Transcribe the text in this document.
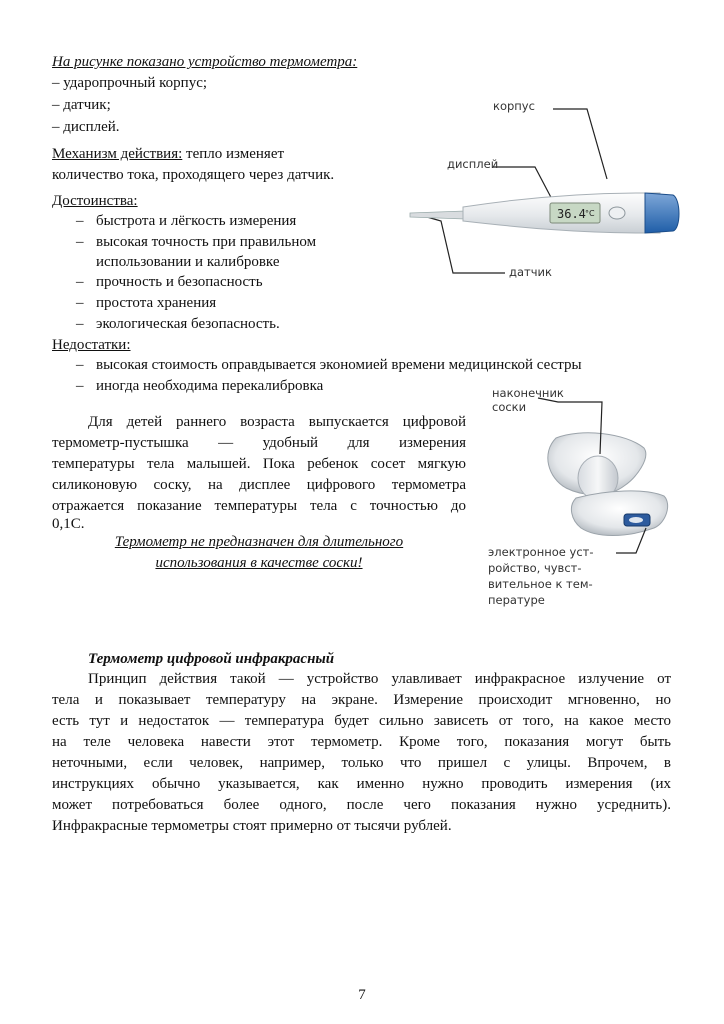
На рисунке показано устройство термометра:
– ударопрочный корпус;
– датчик;
– дисплей.
Механизм действия: тепло изменяет
количество тока, проходящего через датчик.
Достоинства:
– быстрота и лёгкость измерения
– высокая точность при правильном
использовании и калибровке
– прочность и безопасность
– простота хранения
– экологическая безопасность.
Недостатки:
– высокая стоимость оправдывается экономией времени медицинской сестры
– иногда необходима перекалибровка
36.4 °C
корпус
дисплей
датчик
Для детей раннего возраста выпускается цифровой
термометр-пустышка — удобный для измерения
температуры тела малышей. Пока ребенок сосет мягкую
силиконовую соску, на дисплее цифрового термометра
отражается показание температуры тела с точностью до
0,1С.
Термометр не предназначен для длительного
использования в качестве соски!
наконечник
соски
электронное уст-
ройство, чувст-
вительное к тем-
пературе
Термометр цифровой инфракрасный
Принцип действия такой — устройство улавливает инфракрасное излучение от
тела и показывает температуру на экране. Измерение происходит мгновенно, но
есть тут и недостаток — температура будет сильно зависеть от того, на какое место
на теле человека навести этот термометр. Кроме того, показания могут быть
неточными, если человек, например, только что пришел с улицы. Впрочем, в
инструкциях обычно указывается, как именно нужно проводить измерения (их
может потребоваться более одного, после чего показания нужно усреднить).
Инфракрасные термометры стоят примерно от тысячи рублей.
7
